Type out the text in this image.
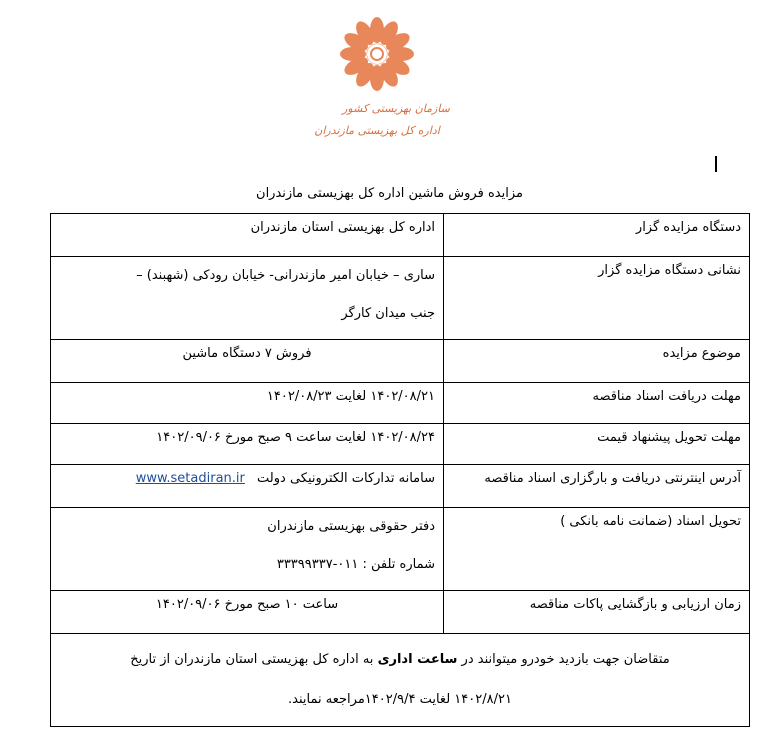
سازمان بهزیستی کشور
اداره کل بهزیستی مازندران
مزایده فروش ماشین اداره کل بهزیستی مازندران
دستگاه مزایده گزار	اداره کل بهزیستی استان مازندران
نشانی دستگاه مزایده گزار	ساری – خیابان امیر مازندرانی- خیابان رودکی (شهبند) –
جنب میدان کارگر

موضوع مزایده	فروش ۷ دستگاه ماشین
مهلت دریافت اسناد مناقصه	۱۴۰۲/۰۸/۲۱ لغایت ۱۴۰۲/۰۸/۲۳
مهلت تحویل پیشنهاد قیمت	۱۴۰۲/۰۸/۲۴ لغایت ساعت ۹ صبح مورخ ۱۴۰۲/۰۹/۰۶
آدرس اینترنتی دریافت و بارگزاری اسناد مناقصه	سامانه تدارکات الکترونیکی دولت www.setadiran.ir
تحویل اسناد (ضمانت نامه بانکی )	دفتر حقوقی بهزیستی مازندران
شماره تلفن : ۰۱۱-۳۳۳۹۹۳۳۷

زمان ارزیابی و بازگشایی پاکات مناقصه	ساعت ۱۰ صبح مورخ ۱۴۰۲/۰۹/۰۶
متقاضان جهت بازدید خودرو میتوانند در ساعت اداری به اداره کل بهزیستی استان مازندران از تاریخ
۱۴۰۲/۸/۲۱ لغایت ۱۴۰۲/۹/۴مراجعه نمایند.	
